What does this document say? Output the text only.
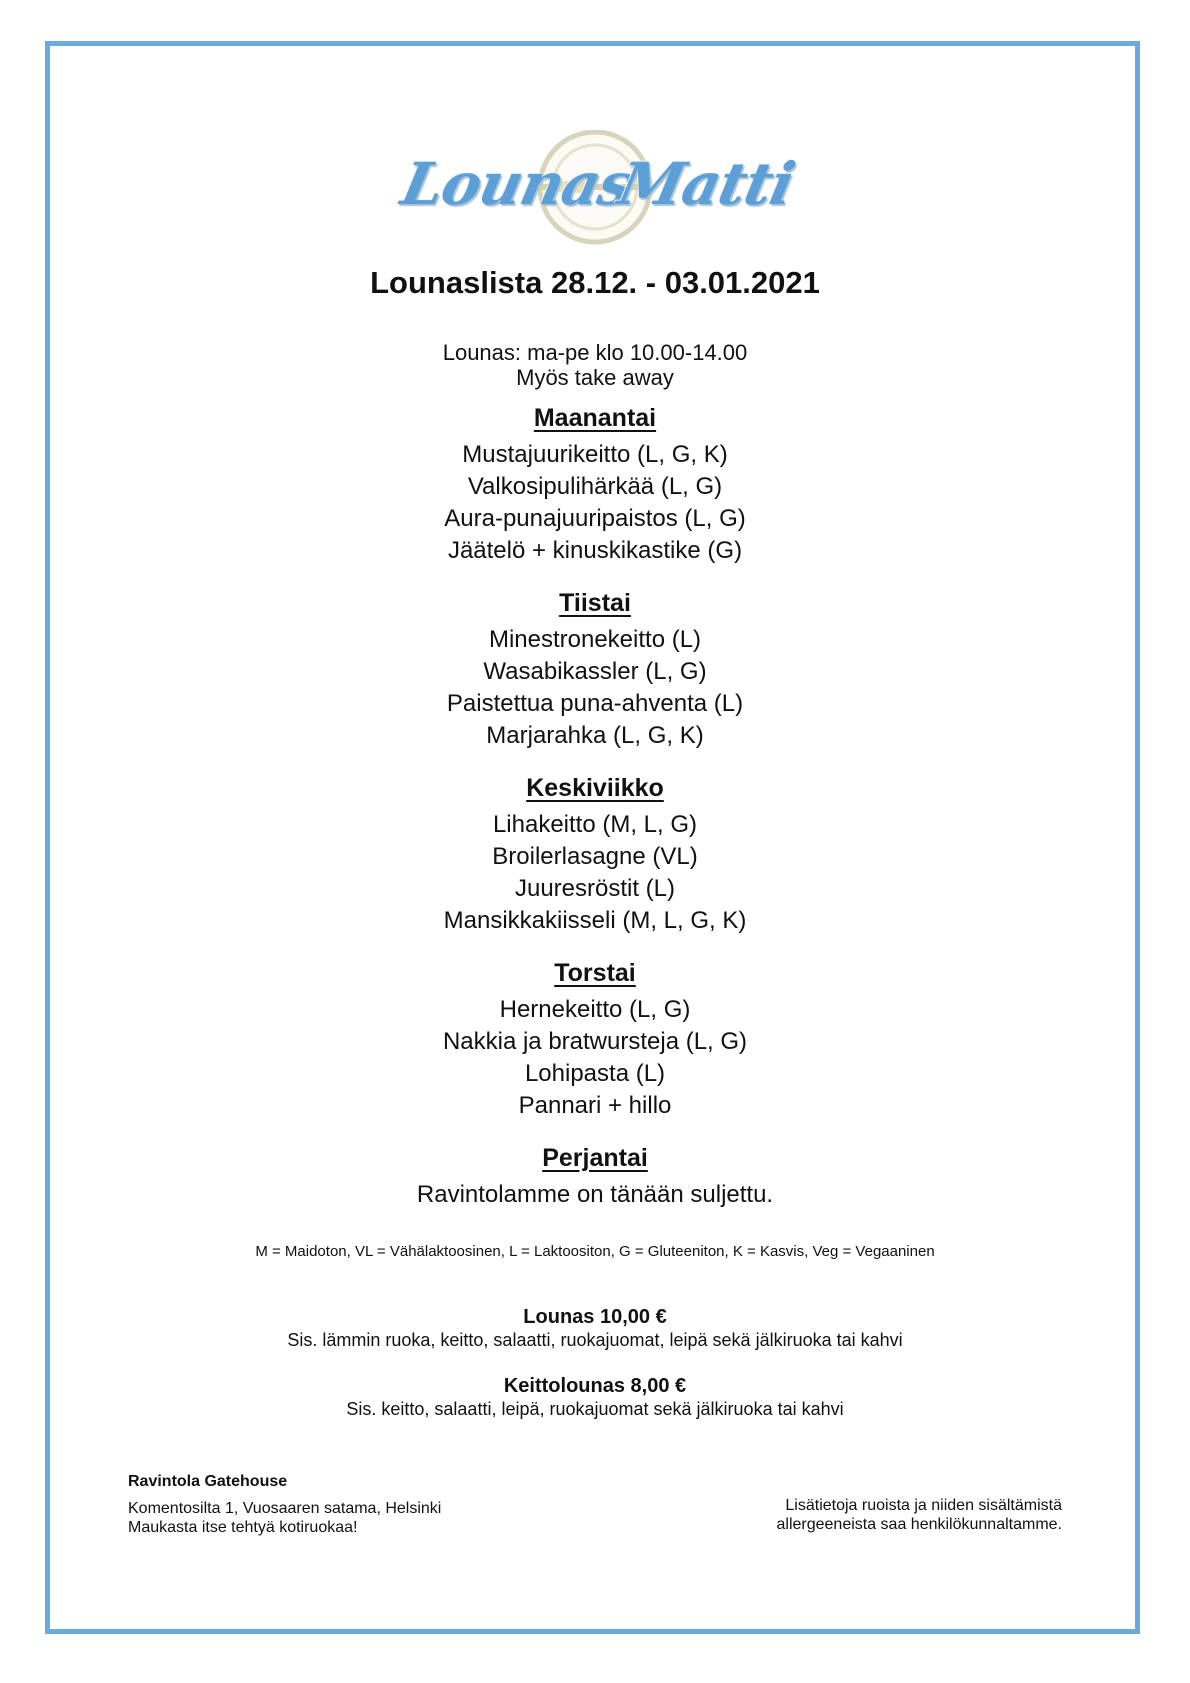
Lounas
Matti
Lounaslista 28.12. - 03.01.2021
Lounas: ma-pe klo 10.00-14.00
Myös take away
Maanantai
Mustajuurikeitto (L, G, K)
Valkosipulihärkää (L, G)
Aura-punajuuripaistos (L, G)
Jäätelö + kinuskikastike (G)
Tiistai
Minestronekeitto (L)
Wasabikassler (L, G)
Paistettua puna-ahventa (L)
Marjarahka (L, G, K)
Keskiviikko
Lihakeitto (M, L, G)
Broilerlasagne (VL)
Juuresröstit (L)
Mansikkakiisseli (M, L, G, K)
Torstai
Hernekeitto (L, G)
Nakkia ja bratwursteja (L, G)
Lohipasta (L)
Pannari + hillo
Perjantai
Ravintolamme on tänään suljettu.
M = Maidoton, VL = Vähälaktoosinen, L = Laktoositon, G = Gluteeniton, K = Kasvis, Veg = Vegaaninen
Lounas 10,00 €
Sis. lämmin ruoka, keitto, salaatti, ruokajuomat, leipä sekä jälkiruoka tai kahvi
Keittolounas 8,00 €
Sis. keitto, salaatti, leipä, ruokajuomat sekä jälkiruoka tai kahvi
Ravintola Gatehouse
Komentosilta 1, Vuosaaren satama, Helsinki
Maukasta itse tehtyä kotiruokaa!
Lisätietoja ruoista ja niiden sisältämistä
allergeeneista saa henkilökunnaltamme.
